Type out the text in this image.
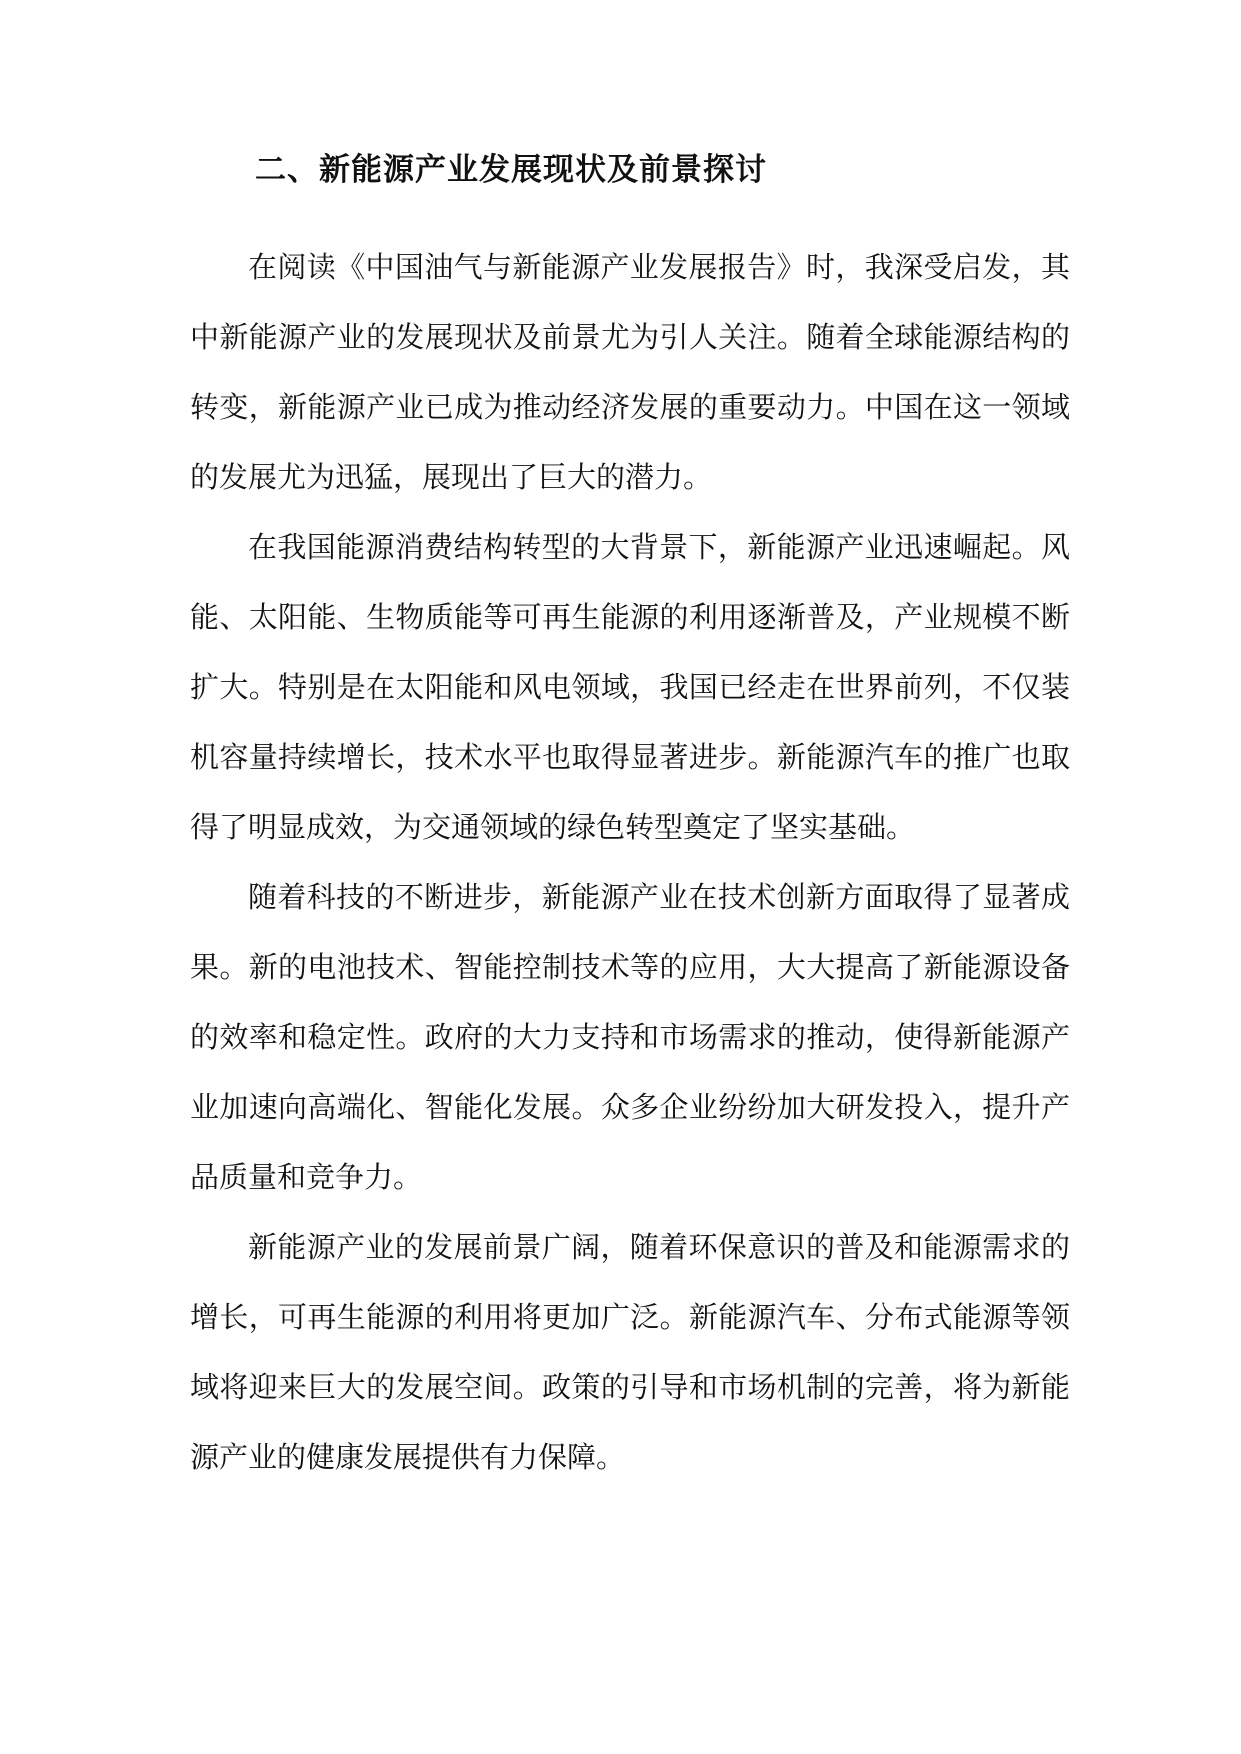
二、新能源产业发展现状及前景探讨

在阅读《中国油气与新能源产业发展报告》时，我深受启发，其
中新能源产业的发展现状及前景尤为引人关注。随着全球能源结构的
转变，新能源产业已成为推动经济发展的重要动力。中国在这一领域
的发展尤为迅猛，展现出了巨大的潜力。

在我国能源消费结构转型的大背景下，新能源产业迅速崛起。风
能、太阳能、生物质能等可再生能源的利用逐渐普及，产业规模不断
扩大。特别是在太阳能和风电领域，我国已经走在世界前列，不仅装
机容量持续增长，技术水平也取得显著进步。新能源汽车的推广也取
得了明显成效，为交通领域的绿色转型奠定了坚实基础。

随着科技的不断进步，新能源产业在技术创新方面取得了显著成
果。新的电池技术、智能控制技术等的应用，大大提高了新能源设备
的效率和稳定性。政府的大力支持和市场需求的推动，使得新能源产
业加速向高端化、智能化发展。众多企业纷纷加大研发投入，提升产
品质量和竞争力。

新能源产业的发展前景广阔，随着环保意识的普及和能源需求的
增长，可再生能源的利用将更加广泛。新能源汽车、分布式能源等领
域将迎来巨大的发展空间。政策的引导和市场机制的完善，将为新能
源产业的健康发展提供有力保障。
